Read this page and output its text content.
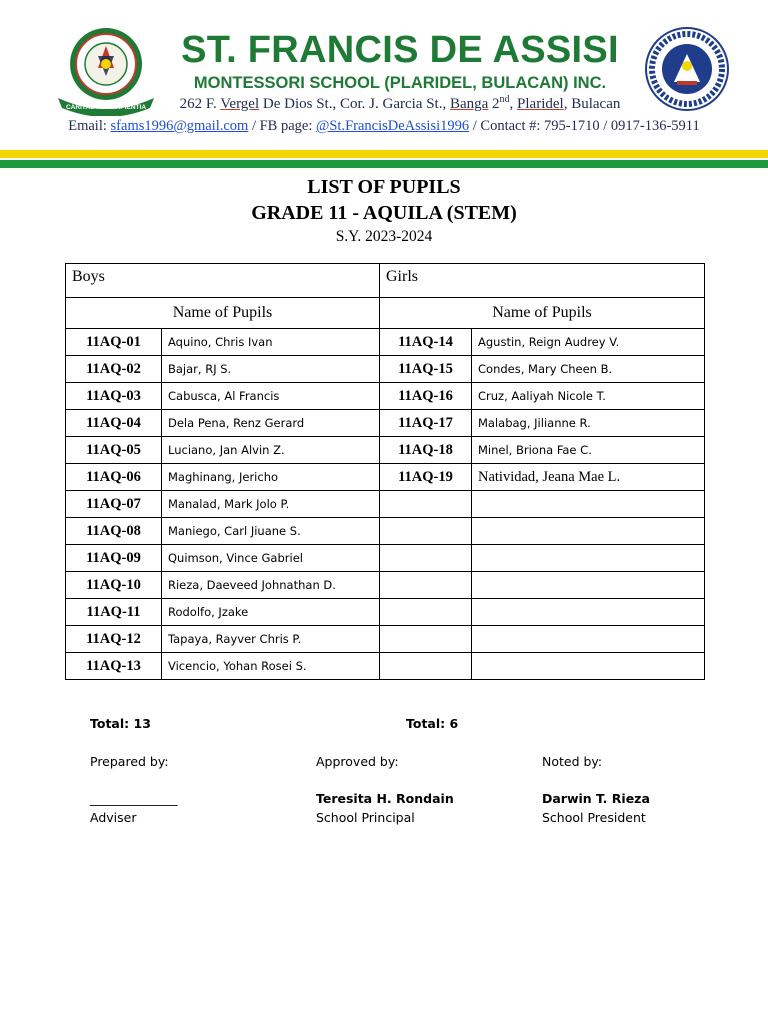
CARITAS PER SAPIENTIA
ST. FRANCIS DE ASSISI
MONTESSORI SCHOOL (PLARIDEL, BULACAN) INC.
262 F. Vergel De Dios St., Cor. J. Garcia St., Banga 2nd, Plaridel, Bulacan
Email: sfams1996@gmail.com / FB page: @St.FrancisDeAssisi1996 / Contact #: 795-1710 / 0917-136-5911
LIST OF PUPILS
GRADE 11 - AQUILA (STEM)
S.Y. 2023-2024
Boys		Girls	
Name of Pupils		Name of Pupils	
11AQ-01	Aquino, Chris Ivan	11AQ-14	Agustin, Reign Audrey V.
11AQ-02	Bajar, RJ S.	11AQ-15	Condes, Mary Cheen B.
11AQ-03	Cabusca, Al Francis	11AQ-16	Cruz, Aaliyah Nicole T.
11AQ-04	Dela Pena, Renz Gerard	11AQ-17	Malabag, Jilianne R.
11AQ-05	Luciano, Jan Alvin Z.	11AQ-18	Minel, Briona Fae C.
11AQ-06	Maghinang, Jericho	11AQ-19	Natividad, Jeana Mae L.
11AQ-07	Manalad, Mark Jolo P.		
11AQ-08	Maniego, Carl Jiuane S.		
11AQ-09	Quimson, Vince Gabriel		
11AQ-10	Rieza, Daeveed Johnathan D.		
11AQ-11	Rodolfo, Jzake		
11AQ-12	Tapaya, Rayver Chris P.		
11AQ-13	Vicencio, Yohan Rosei S.		
Total: 13	Total: 6
Prepared by:	Approved by:	Noted by:
______________	Teresita H. Rondain	Darwin T. Rieza
Adviser	School Principal	School President
